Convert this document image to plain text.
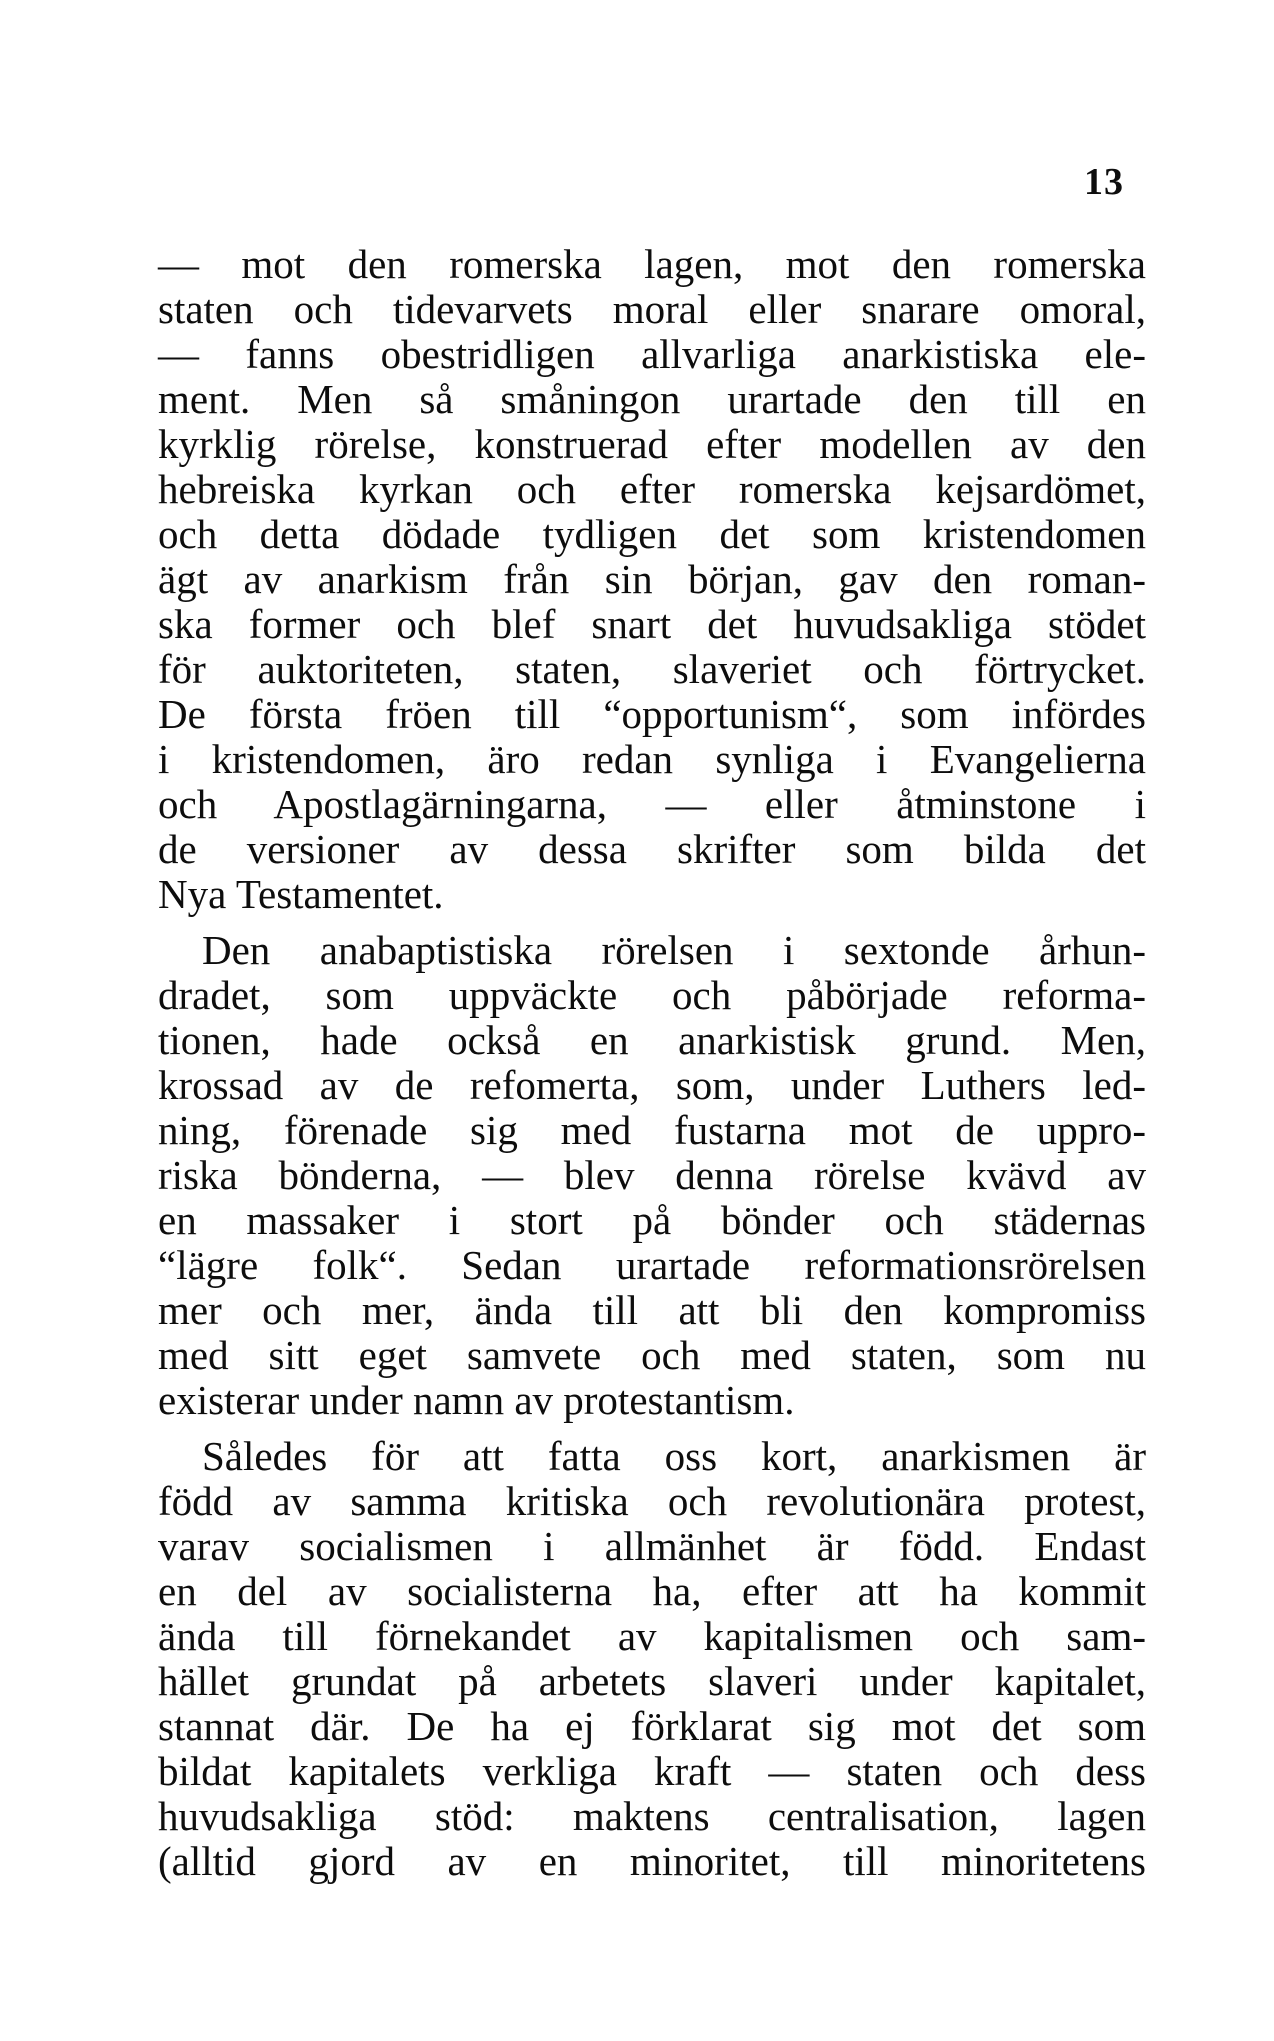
13
— mot den romerska lagen, mot den romerska
staten och tidevarvets moral eller snarare omoral,
— fanns obestridligen allvarliga anarkistiska ele-
ment. Men så småningon urartade den till en
kyrklig rörelse, konstruerad efter modellen av den
hebreiska kyrkan och efter romerska kejsardömet,
och detta dödade tydligen det som kristendomen
ägt av anarkism från sin början, gav den roman-
ska former och blef snart det huvudsakliga stödet
för auktoriteten, staten, slaveriet och förtrycket.
De första fröen till “opportunism“, som infördes
i kristendomen, äro redan synliga i Evangelierna
och Apostlagärningarna, — eller åtminstone i
de versioner av dessa skrifter som bilda det
Nya Testamentet.
Den anabaptistiska rörelsen i sextonde århun-
dradet, som uppväckte och påbörjade reforma-
tionen, hade också en anarkistisk grund. Men,
krossad av de refomerta, som, under Luthers led-
ning, förenade sig med fustarna mot de uppro-
riska bönderna, — blev denna rörelse kvävd av
en massaker i stort på bönder och städernas
“lägre folk“. Sedan urartade reformationsrörelsen
mer och mer, ända till att bli den kompromiss
med sitt eget samvete och med staten, som nu
existerar under namn av protestantism.
Således för att fatta oss kort, anarkismen är
född av samma kritiska och revolutionära protest,
varav socialismen i allmänhet är född. Endast
en del av socialisterna ha, efter att ha kommit
ända till förnekandet av kapitalismen och sam-
hället grundat på arbetets slaveri under kapitalet,
stannat där. De ha ej förklarat sig mot det som
bildat kapitalets verkliga kraft — staten och dess
huvudsakliga stöd: maktens centralisation, lagen
(alltid gjord av en minoritet, till minoritetens
